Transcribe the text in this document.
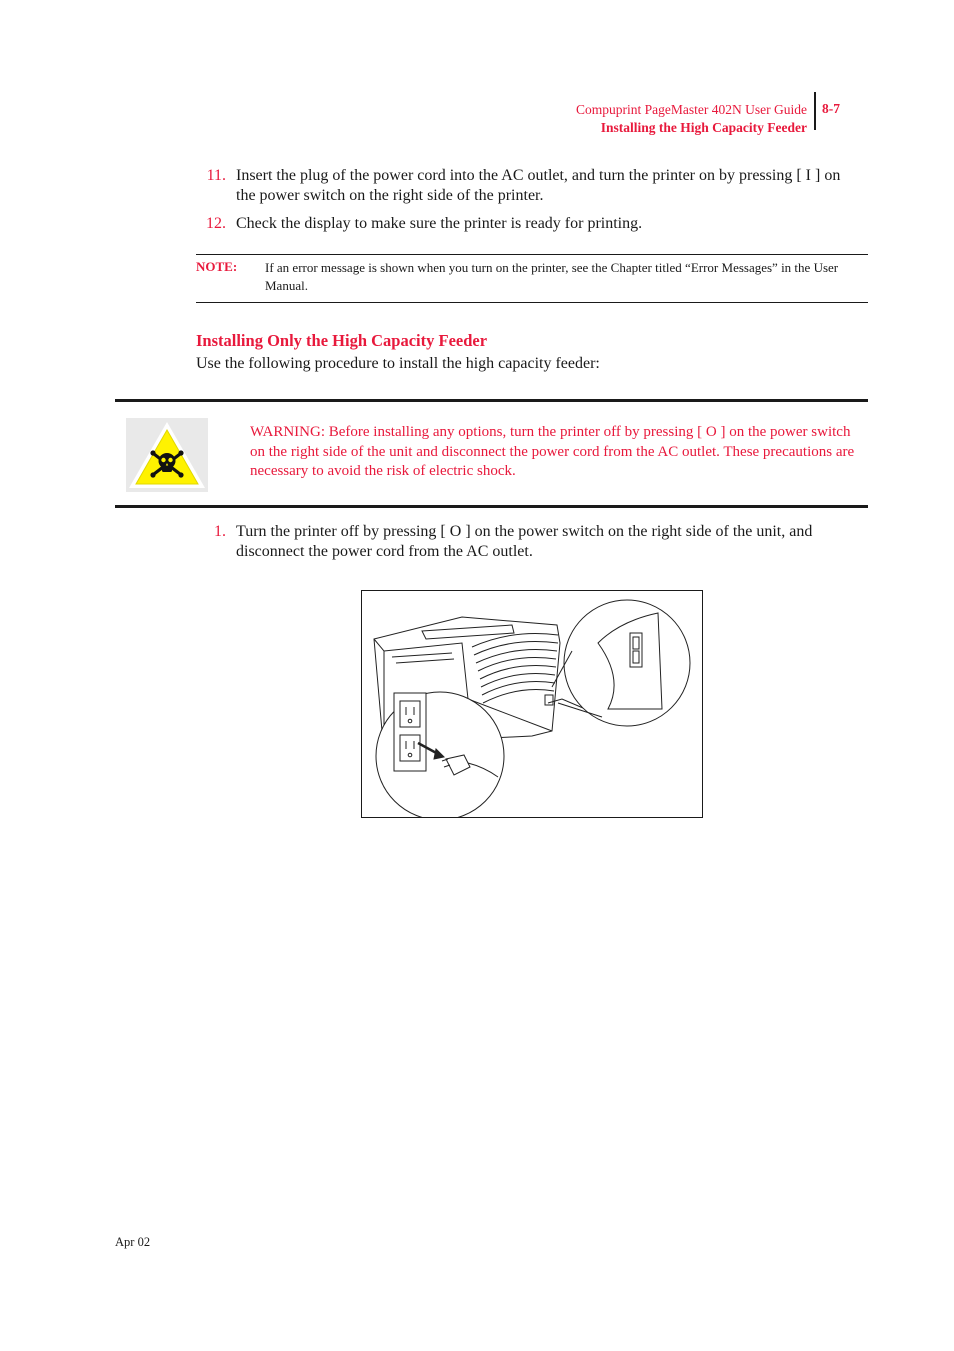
Compuprint PageMaster 402N User Guide
Installing the High Capacity Feeder
8-7
11. Insert the plug of the power cord into the AC outlet, and turn the printer on by pressing [ I ] on the power switch on the right side of the printer.
12. Check the display to make sure the printer is ready for printing.
NOTE: If an error message is shown when you turn on the printer, see the Chapter titled “Error Messages” in the User Manual.
Installing Only the High Capacity Feeder
Use the following procedure to install the high capacity feeder:
WARNING: Before installing any options, turn the printer off by pressing [ O ] on the power switch on the right side of the unit and disconnect the power cord from the AC outlet. These precautions are necessary to avoid the risk of electric shock.
1. Turn the printer off by pressing [ O ] on the power switch on the right side of the unit, and disconnect the power cord from the AC outlet.
Apr 02
